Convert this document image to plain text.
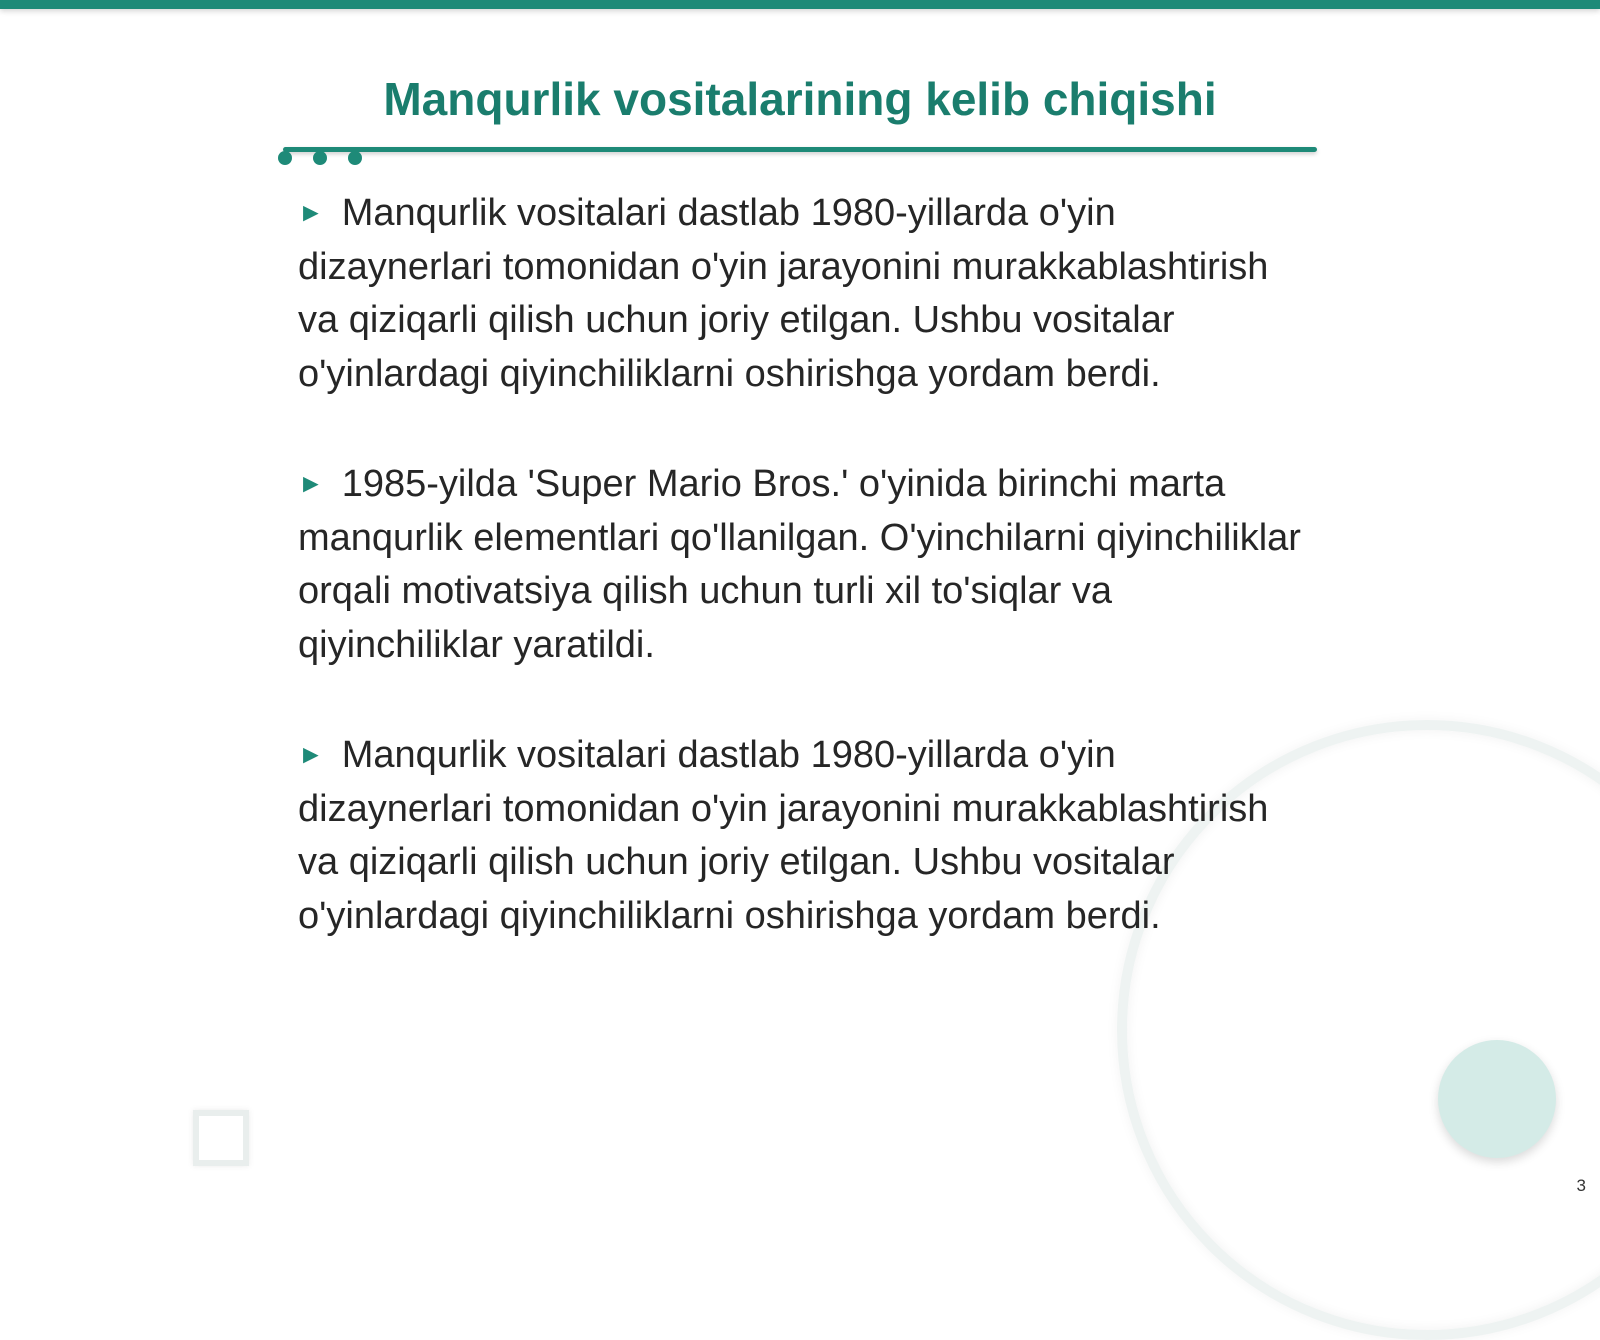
Manqurlik vositalarining kelib chiqishi

► Manqurlik vositalari dastlab 1980-yillarda o'yin dizaynerlari tomonidan o'yin jarayonini murakkablashtirish va qiziqarli qilish uchun joriy etilgan. Ushbu vositalar o'yinlardagi qiyinchiliklarni oshirishga yordam berdi.

► 1985-yilda 'Super Mario Bros.' o'yinida birinchi marta manqurlik elementlari qo'llanilgan. O'yinchilarni qiyinchiliklar orqali motivatsiya qilish uchun turli xil to'siqlar va qiyinchiliklar yaratildi.

► Manqurlik vositalari dastlab 1980-yillarda o'yin dizaynerlari tomonidan o'yin jarayonini murakkablashtirish va qiziqarli qilish uchun joriy etilgan. Ushbu vositalar o'yinlardagi qiyinchiliklarni oshirishga yordam berdi.

3
